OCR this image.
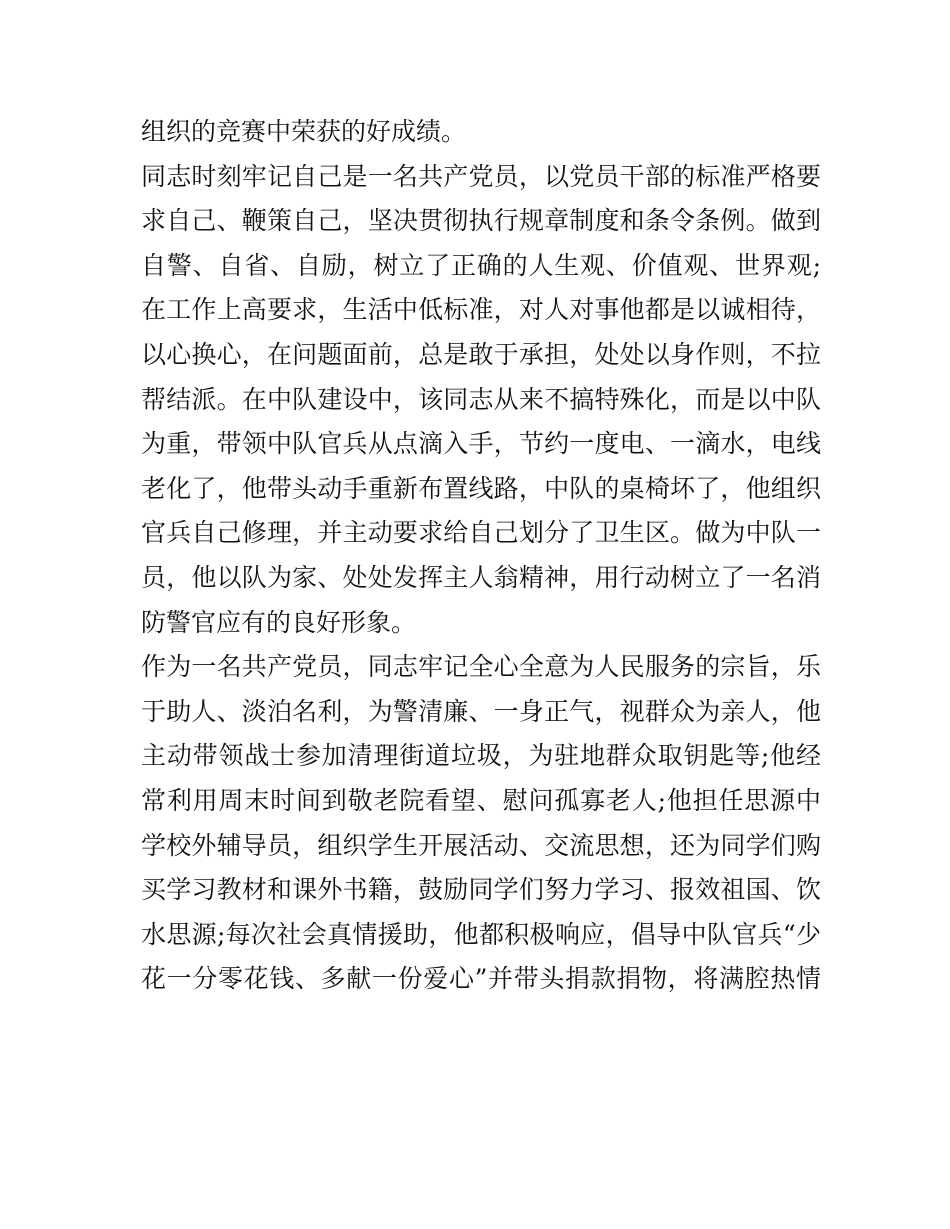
组织的竞赛中荣获的好成绩。
同志时刻牢记自己是一名共产党员，以党员干部的标准严格要
求自己、鞭策自己，坚决贯彻执行规章制度和条令条例。做到
自警、自省、自励，树立了正确的人生观、价值观、世界观;
在工作上高要求，生活中低标准，对人对事他都是以诚相待，
以心换心，在问题面前，总是敢于承担，处处以身作则，不拉
帮结派。在中队建设中，该同志从来不搞特殊化，而是以中队
为重，带领中队官兵从点滴入手，节约一度电、一滴水，电线
老化了，他带头动手重新布置线路，中队的桌椅坏了，他组织
官兵自己修理，并主动要求给自己划分了卫生区。做为中队一
员，他以队为家、处处发挥主人翁精神，用行动树立了一名消
防警官应有的良好形象。
作为一名共产党员，同志牢记全心全意为人民服务的宗旨，乐
于助人、淡泊名利，为警清廉、一身正气，视群众为亲人，他
主动带领战士参加清理街道垃圾，为驻地群众取钥匙等;他经
常利用周末时间到敬老院看望、慰问孤寡老人;他担任思源中
学校外辅导员，组织学生开展活动、交流思想，还为同学们购
买学习教材和课外书籍，鼓励同学们努力学习、报效祖国、饮
水思源;每次社会真情援助，他都积极响应，倡导中队官兵“少
花一分零花钱、多献一份爱心”并带头捐款捐物，将满腔热情
